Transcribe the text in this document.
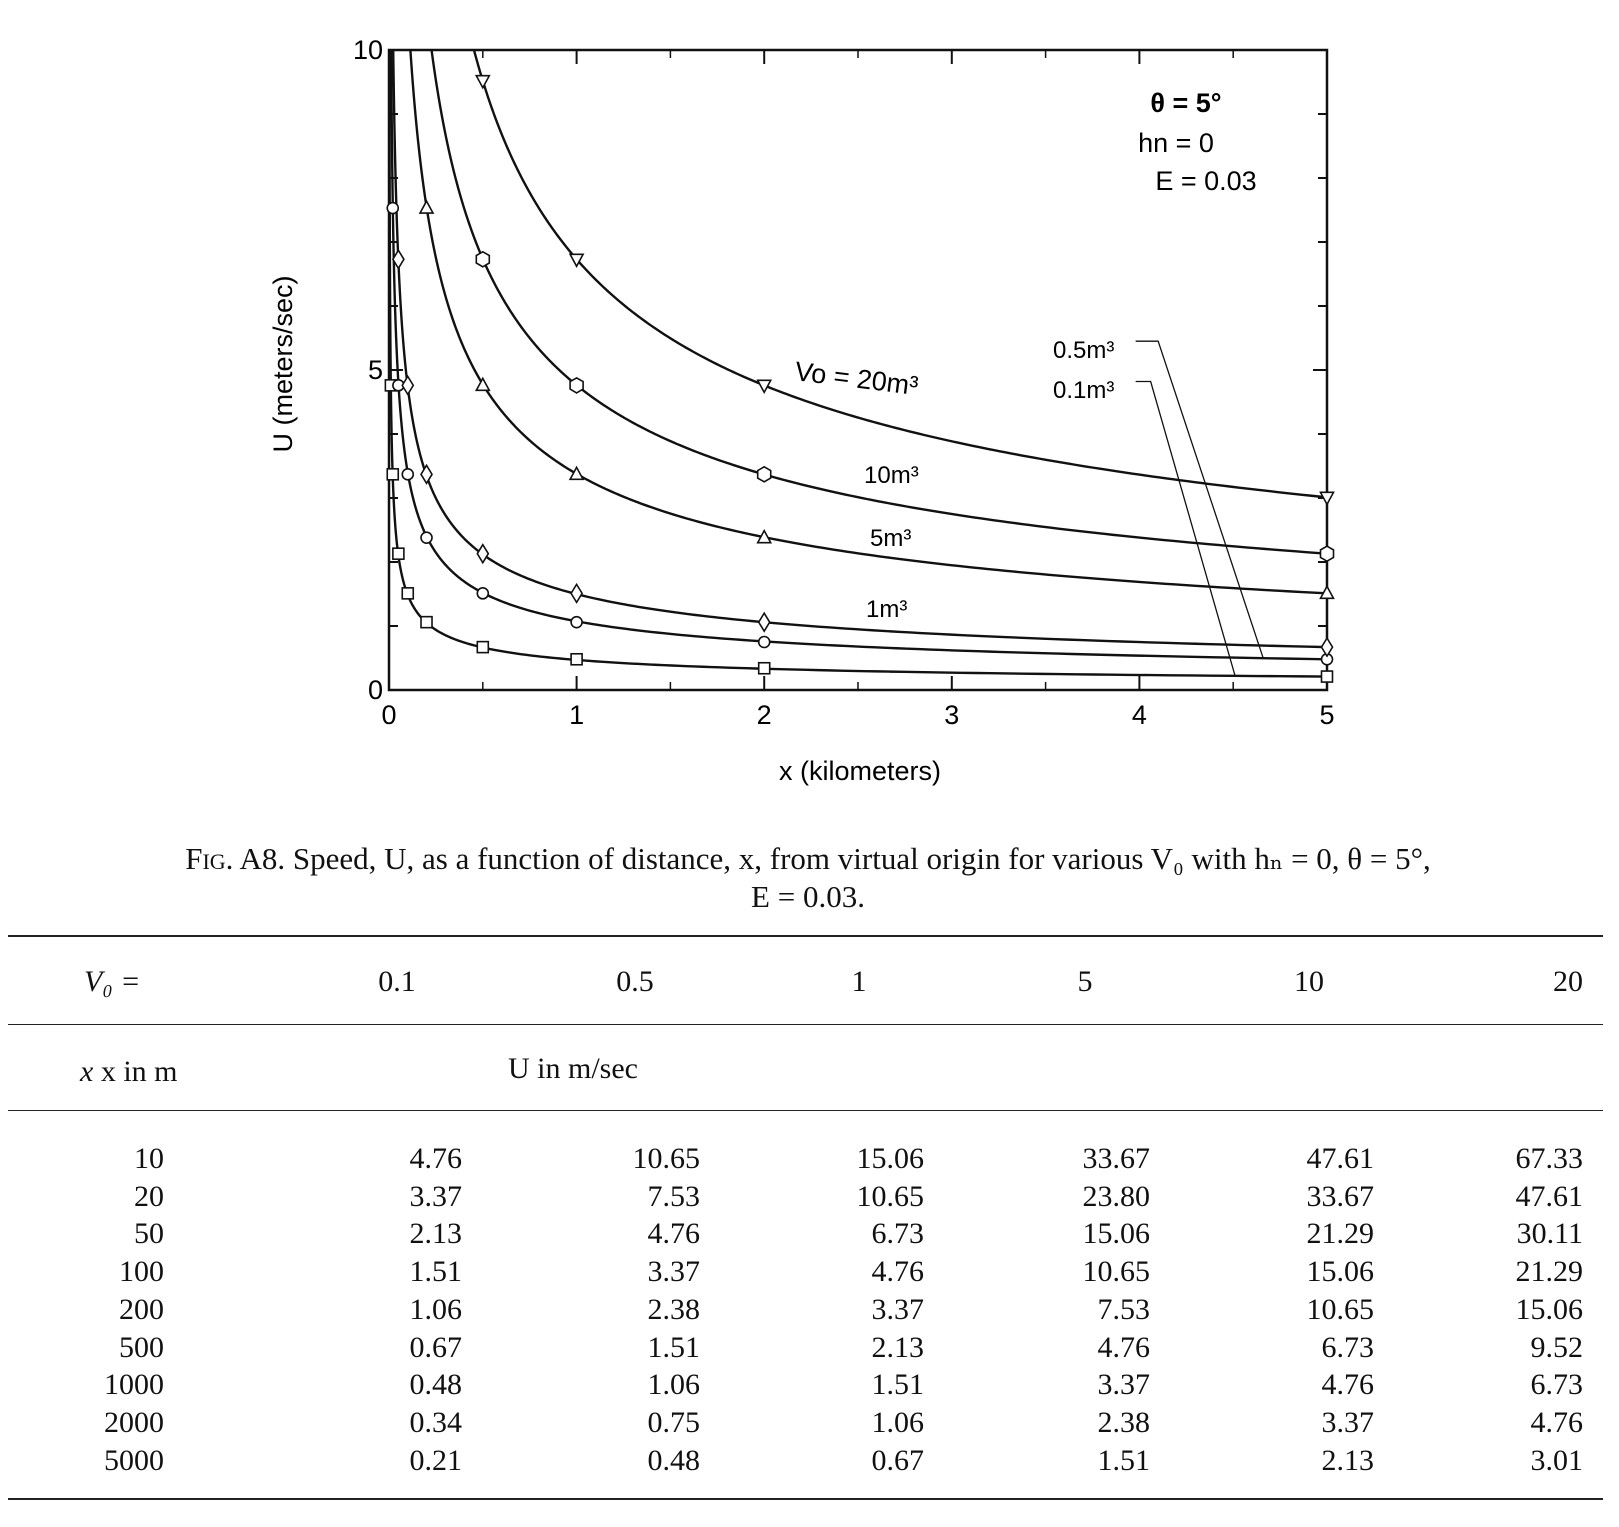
0	1	2	3	4	5
0
5
10
x (kilometers)
U (meters/sec)
θ = 5°
hn = 0
E = 0.03
Vo = 20m³
10m³
5m³
1m³
0.5m³
0.1m³
Fig. A8. Speed, U, as a function of distance, x, from virtual origin for various V₀ with hₙ = 0, θ = 5°,
E = 0.03.
V₀ =	0.1	0.5	1	5	10	20
x x in m	U in m/sec
10	4.76	10.65	15.06	33.67	47.61	67.33
20	3.37	7.53	10.65	23.80	33.67	47.61
50	2.13	4.76	6.73	15.06	21.29	30.11
100	1.51	3.37	4.76	10.65	15.06	21.29
200	1.06	2.38	3.37	7.53	10.65	15.06
500	0.67	1.51	2.13	4.76	6.73	9.52
1000	0.48	1.06	1.51	3.37	4.76	6.73
2000	0.34	0.75	1.06	2.38	3.37	4.76
5000	0.21	0.48	0.67	1.51	2.13	3.01
